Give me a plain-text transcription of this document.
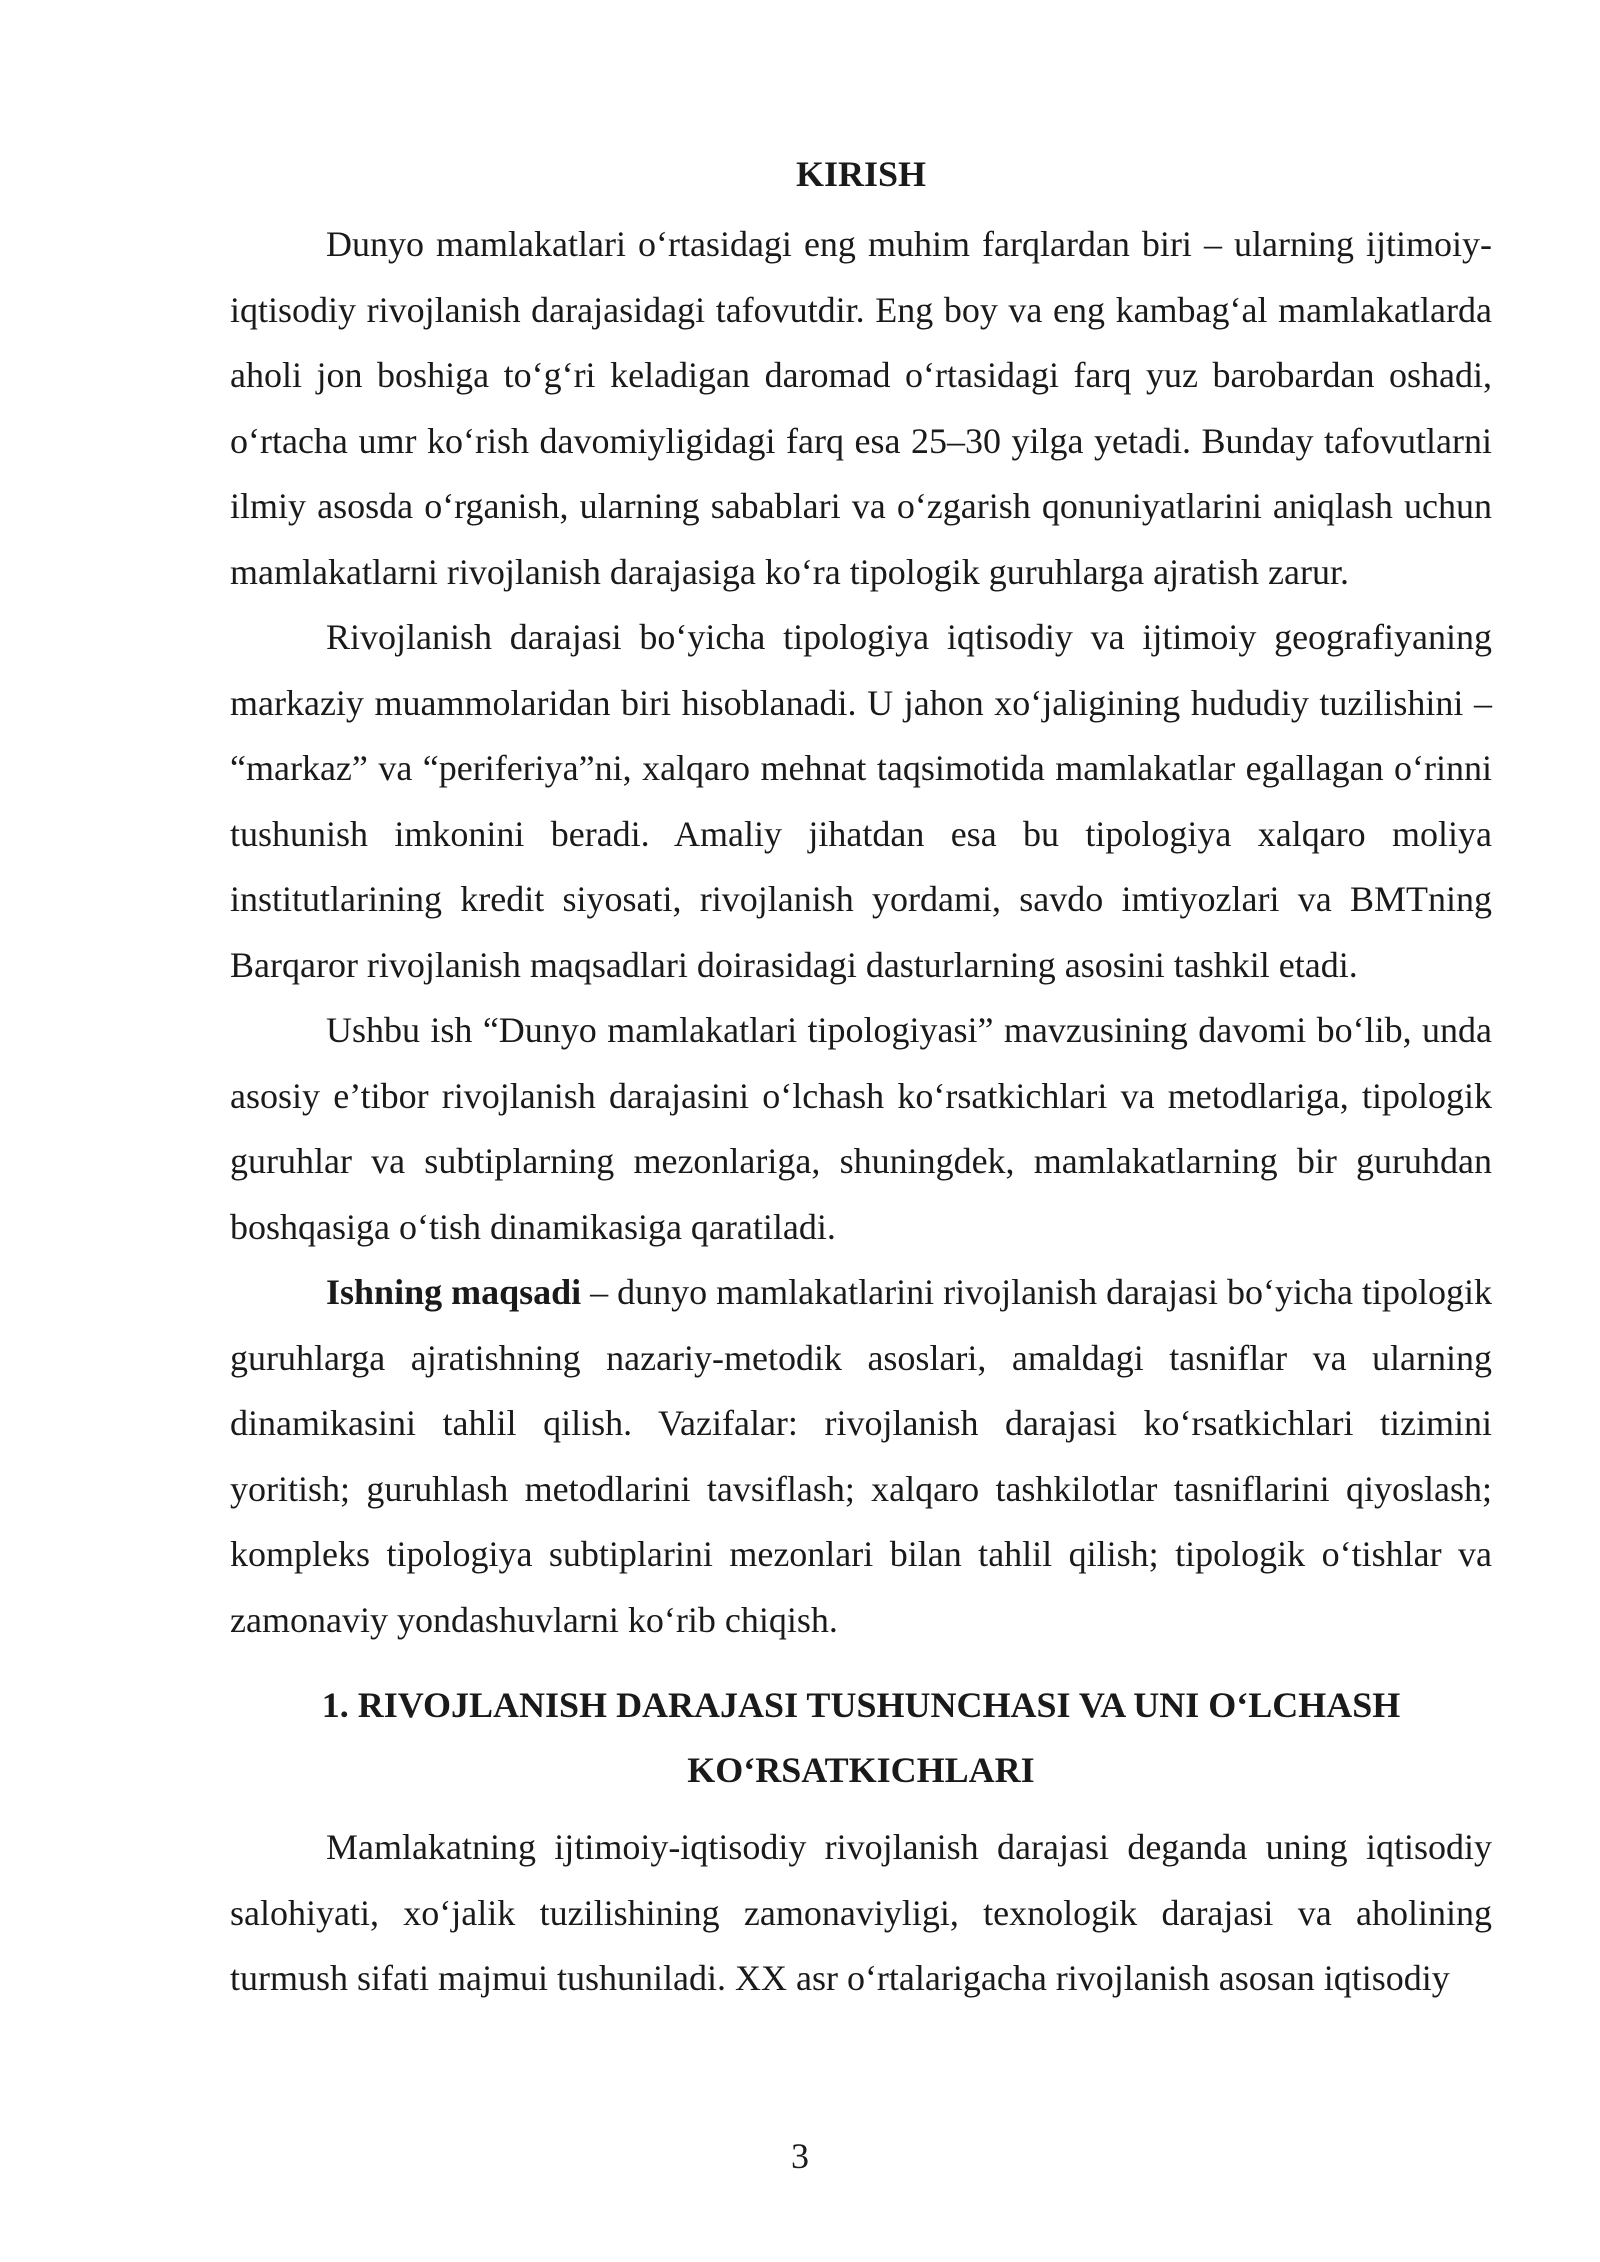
KIRISH

Dunyo mamlakatlari o‘rtasidagi eng muhim farqlardan biri – ularning ijtimoiy-iqtisodiy rivojlanish darajasidagi tafovutdir. Eng boy va eng kambag‘al mamlakatlarda aholi jon boshiga to‘g‘ri keladigan daromad o‘rtasidagi farq yuz barobardan oshadi, o‘rtacha umr ko‘rish davomiyligidagi farq esa 25–30 yilga yetadi. Bunday tafovutlarni ilmiy asosda o‘rganish, ularning sabablari va o‘zgarish qonuniyatlarini aniqlash uchun mamlakatlarni rivojlanish darajasiga ko‘ra tipologik guruhlarga ajratish zarur.

Rivojlanish darajasi bo‘yicha tipologiya iqtisodiy va ijtimoiy geografiyaning markaziy muammolaridan biri hisoblanadi. U jahon xo‘jaligining hududiy tuzilishini – “markaz” va “periferiya”ni, xalqaro mehnat taqsimotida mamlakatlar egallagan o‘rinni tushunish imkonini beradi. Amaliy jihatdan esa bu tipologiya xalqaro moliya institutlarining kredit siyosati, rivojlanish yordami, savdo imtiyozlari va BMTning Barqaror rivojlanish maqsadlari doirasidagi dasturlarning asosini tashkil etadi.

Ushbu ish “Dunyo mamlakatlari tipologiyasi” mavzusining davomi bo‘lib, unda asosiy e’tibor rivojlanish darajasini o‘lchash ko‘rsatkichlari va metodlariga, tipologik guruhlar va subtiplarning mezonlariga, shuningdek, mamlakatlarning bir guruhdan boshqasiga o‘tish dinamikasiga qaratiladi.

Ishning maqsadi – dunyo mamlakatlarini rivojlanish darajasi bo‘yicha tipologik guruhlarga ajratishning nazariy-metodik asoslari, amaldagi tasniflar va ularning dinamikasini tahlil qilish. Vazifalar: rivojlanish darajasi ko‘rsatkichlari tizimini yoritish; guruhlash metodlarini tavsiflash; xalqaro tashkilotlar tasniflarini qiyoslash; kompleks tipologiya subtiplarini mezonlari bilan tahlil qilish; tipologik o‘tishlar va zamonaviy yondashuvlarni ko‘rib chiqish.

1. RIVOJLANISH DARAJASI TUSHUNCHASI VA UNI O‘LCHASH
KO‘RSATKICHLARI

Mamlakatning ijtimoiy-iqtisodiy rivojlanish darajasi deganda uning iqtisodiy salohiyati, xo‘jalik tuzilishining zamonaviyligi, texnologik darajasi va aholining turmush sifati majmui tushuniladi. XX asr o‘rtalarigacha rivojlanish asosan iqtisodiy

3
